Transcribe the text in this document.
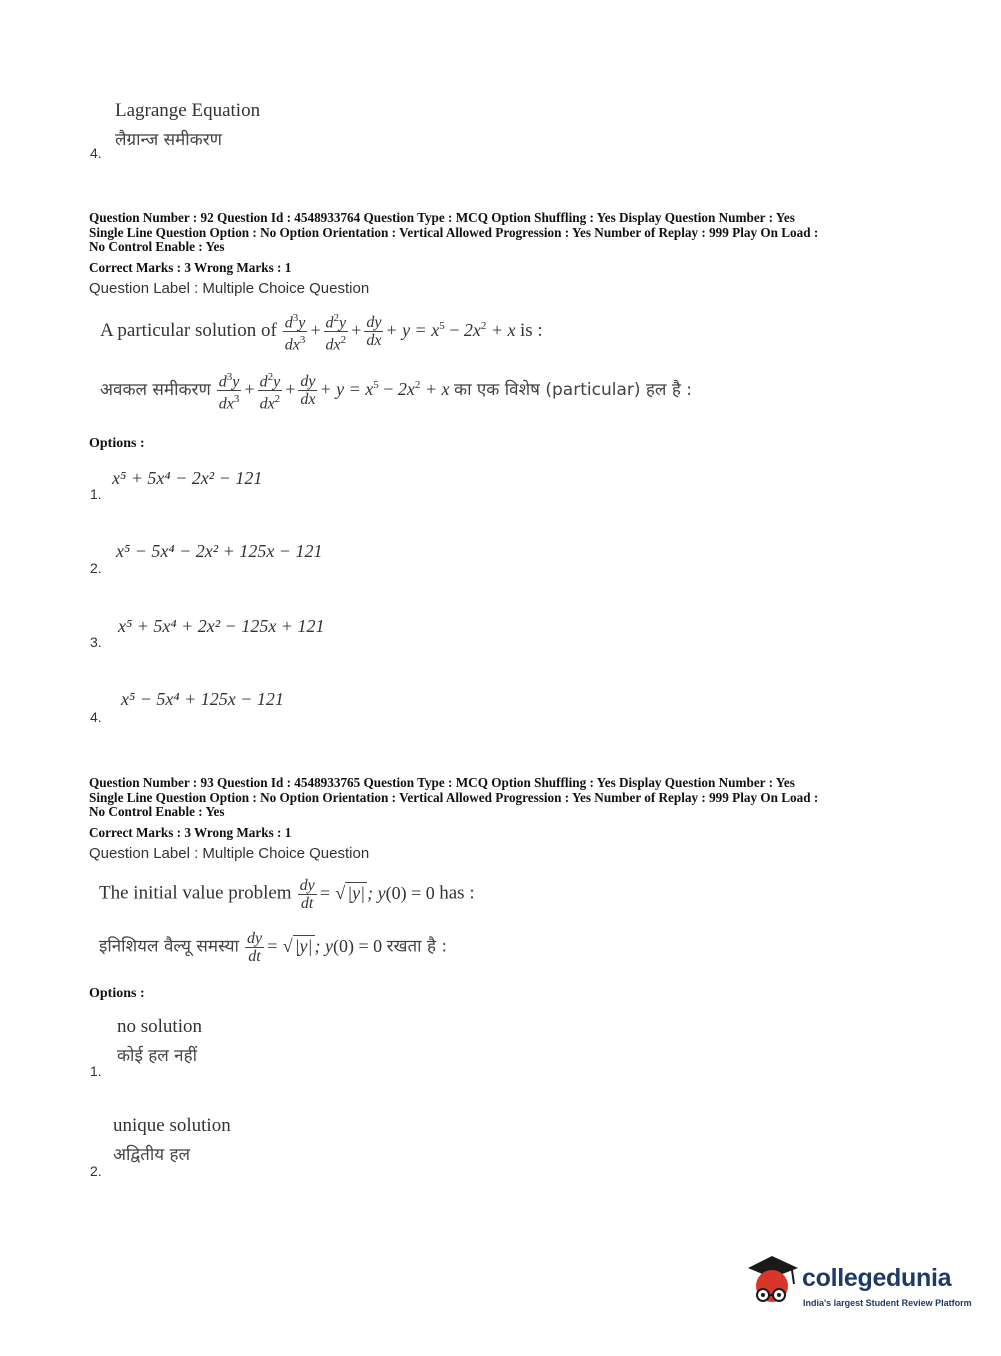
Lagrange Equation
लैग्रान्ज समीकरण
4.
Question Number : 92 Question Id : 4548933764 Question Type : MCQ Option Shuffling : Yes Display Question Number : Yes
Single Line Question Option : No Option Orientation : Vertical Allowed Progression : Yes Number of Replay : 999 Play On Load :
No Control Enable : Yes
Correct Marks : 3 Wrong Marks : 1
Question Label : Multiple Choice Question
A particular solution of $\frac{d^3y}{dx^3} + \frac{d^2y}{dx^2} + \frac{dy}{dx} + y = x^5 - 2x^2 + x$ is :
अवकल समीकरण $\frac{d^3y}{dx^3} + \frac{d^2y}{dx^2} + \frac{dy}{dx} + y = x^5 - 2x^2 + x$ का एक विशेष (particular) हल है :
Options :
x⁵ + 5x⁴ − 2x² − 121
1.
x⁵ − 5x⁴ − 2x² + 125x − 121
2.
x⁵ + 5x⁴ + 2x² − 125x + 121
3.
x⁵ − 5x⁴ + 125x − 121
4.
Question Number : 93 Question Id : 4548933765 Question Type : MCQ Option Shuffling : Yes Display Question Number : Yes
Single Line Question Option : No Option Orientation : Vertical Allowed Progression : Yes Number of Replay : 999 Play On Load :
No Control Enable : Yes
Correct Marks : 3 Wrong Marks : 1
Question Label : Multiple Choice Question
The initial value problem $\frac{dy}{dt}$ = √ |y| ; y(0) = 0 has :
इनिशियल वैल्यू समस्या $\frac{dy}{dt}$ = √ |y| ; y(0) = 0 रखता है :
Options :
no solution
कोई हल नहीं
1.
unique solution
अद्वितीय हल
2.
collegedunia
India's largest Student Review Platform
